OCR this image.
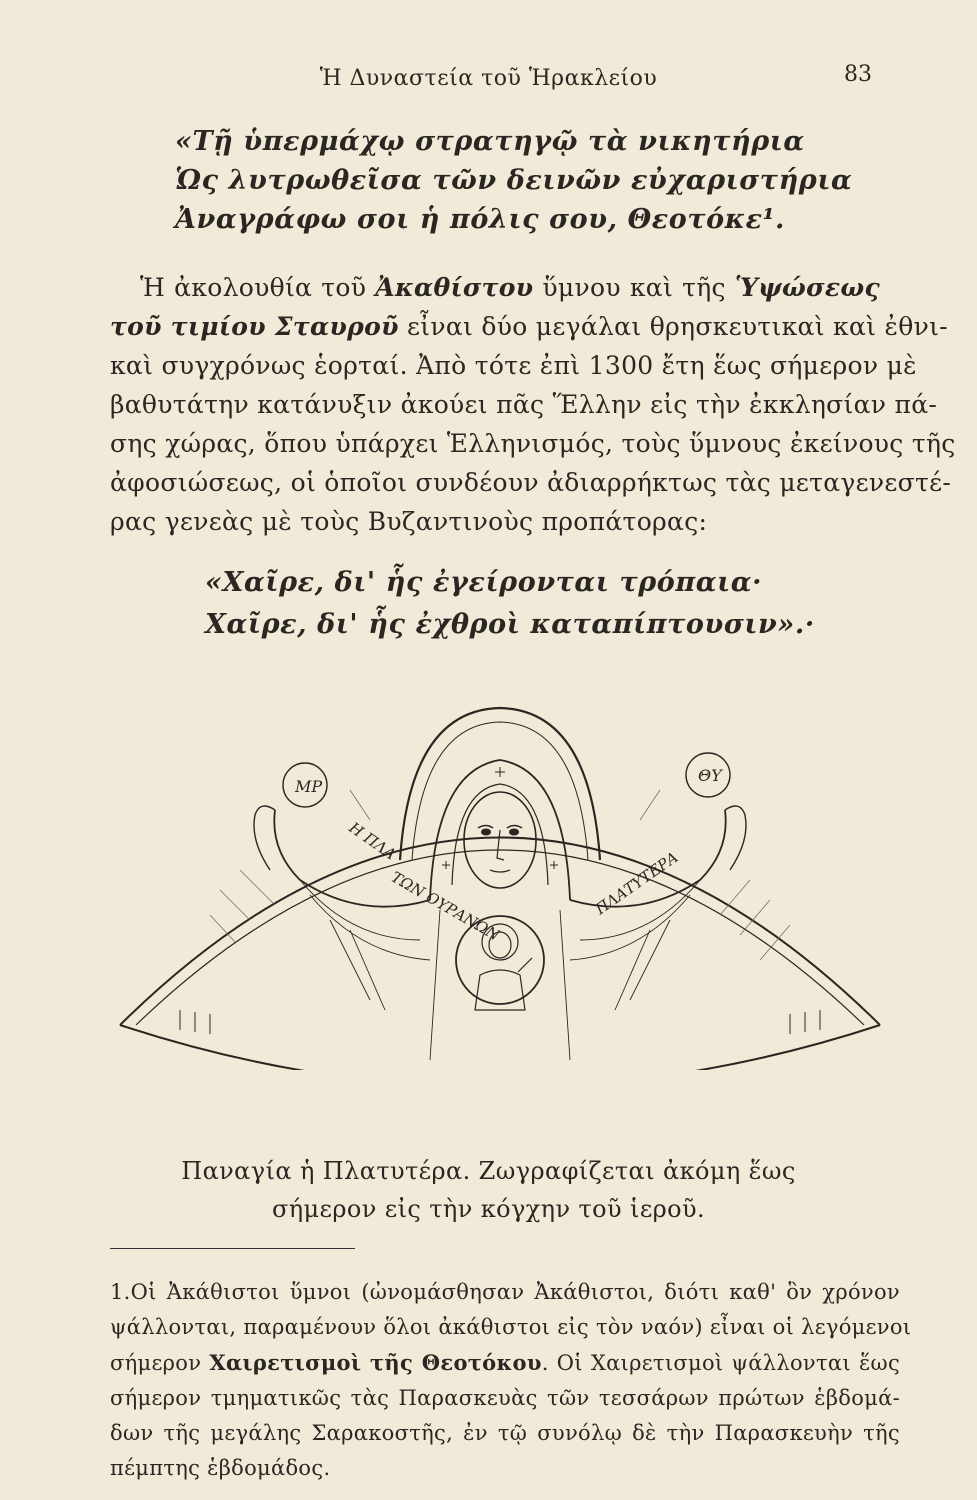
Ἡ Δυναστεία τοῦ Ἡρακλείου	83
«Τῇ ὑπερμάχῳ στρατηγῷ τὰ νικητήρια
Ὡς λυτρωθεῖσα τῶν δεινῶν εὐχαριστήρια
Ἀναγράφω σοι ἡ πόλις σου, Θεοτόκε¹.
Ἡ ἀκολουθία τοῦ Ἀκαθίστου ὕμνου καὶ τῆς Ὑψώσεως
τοῦ τιμίου Σταυροῦ εἶναι δύο μεγάλαι θρησκευτικαὶ καὶ ἐθνι-
καὶ συγχρόνως ἑορταί. Ἀπὸ τότε ἐπὶ 1300 ἔτη ἕως σήμερον μὲ
βαθυτάτην κατάνυξιν ἀκούει πᾶς Ἕλλην εἰς τὴν ἐκκλησίαν πά-
σης χώρας, ὅπου ὑπάρχει Ἑλληνισμός, τοὺς ὕμνους ἐκείνους τῆς
ἀφοσιώσεως, οἱ ὁποῖοι συνδέουν ἀδιαρρήκτως τὰς μεταγενεστέ-
ρας γενεὰς μὲ τοὺς Βυζαντινοὺς προπάτορας:
«Χαῖρε, δι' ἧς ἐγείρονται τρόπαια·
Χαῖρε, δι' ἧς ἐχθροὶ καταπίπτουσιν».·
ΜΡ
ΘΥ
Η ΠΛΑ
ΤΩΝ ΟΥΡΑΝΩΝ	ΠΛΑΤΥΤΕΡΑ
Παναγία ἡ Πλατυτέρα. Ζωγραφίζεται ἀκόμη ἕως
σήμερον εἰς τὴν κόγχην τοῦ ἱεροῦ.
1.Οἱ Ἀκάθιστοι ὕμνοι (ὠνομάσθησαν Ἀκάθιστοι, διότι καθ' ὃν χρόνον
ψάλλονται, παραμένουν ὅλοι ἀκάθιστοι εἰς τὸν ναόν) εἶναι οἱ λεγόμενοι
σήμερον Χαιρετισμοὶ τῆς Θεοτόκου. Οἱ Χαιρετισμοὶ ψάλλονται ἕως
σήμερον τμηματικῶς τὰς Παρασκευὰς τῶν τεσσάρων πρώτων ἑβδομά-
δων τῆς μεγάλης Σαρακοστῆς, ἐν τῷ συνόλῳ δὲ τὴν Παρασκευὴν τῆς
πέμπτης ἑβδομάδος.
